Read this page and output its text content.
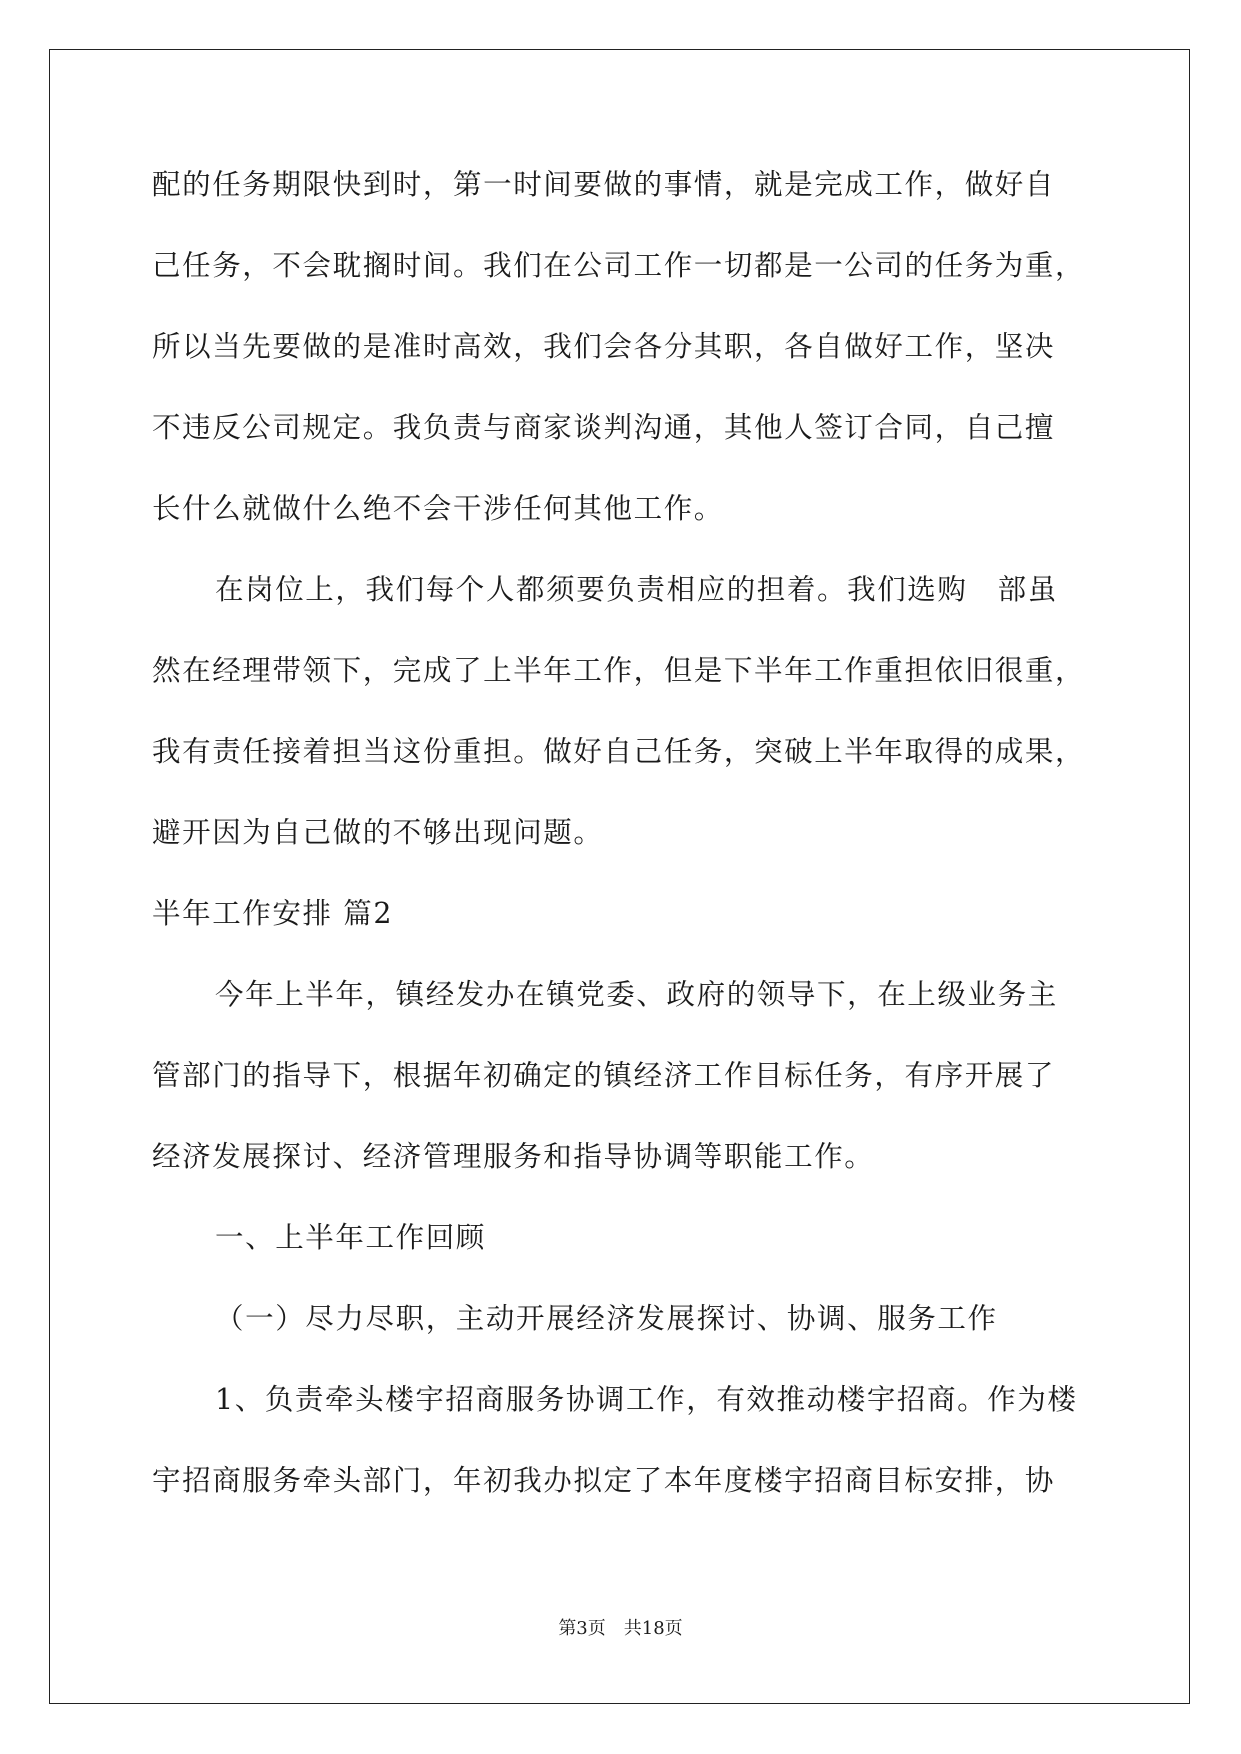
配的任务期限快到时，第一时间要做的事情，就是完成工作，做好自
己任务，不会耽搁时间。我们在公司工作一切都是一公司的任务为重，
所以当先要做的是准时高效，我们会各分其职，各自做好工作，坚决
不违反公司规定。我负责与商家谈判沟通，其他人签订合同，自己擅
长什么就做什么绝不会干涉任何其他工作。
在岗位上，我们每个人都须要负责相应的担着。我们选购　部虽
然在经理带领下，完成了上半年工作，但是下半年工作重担依旧很重，
我有责任接着担当这份重担。做好自己任务，突破上半年取得的成果，
避开因为自己做的不够出现问题。
半年工作安排 篇2
今年上半年，镇经发办在镇党委、政府的领导下，在上级业务主
管部门的指导下，根据年初确定的镇经济工作目标任务，有序开展了
经济发展探讨、经济管理服务和指导协调等职能工作。
一、上半年工作回顾
（一）尽力尽职，主动开展经济发展探讨、协调、服务工作
1、负责牵头楼宇招商服务协调工作，有效推动楼宇招商。作为楼
宇招商服务牵头部门，年初我办拟定了本年度楼宇招商目标安排，协
第3页　共18页
